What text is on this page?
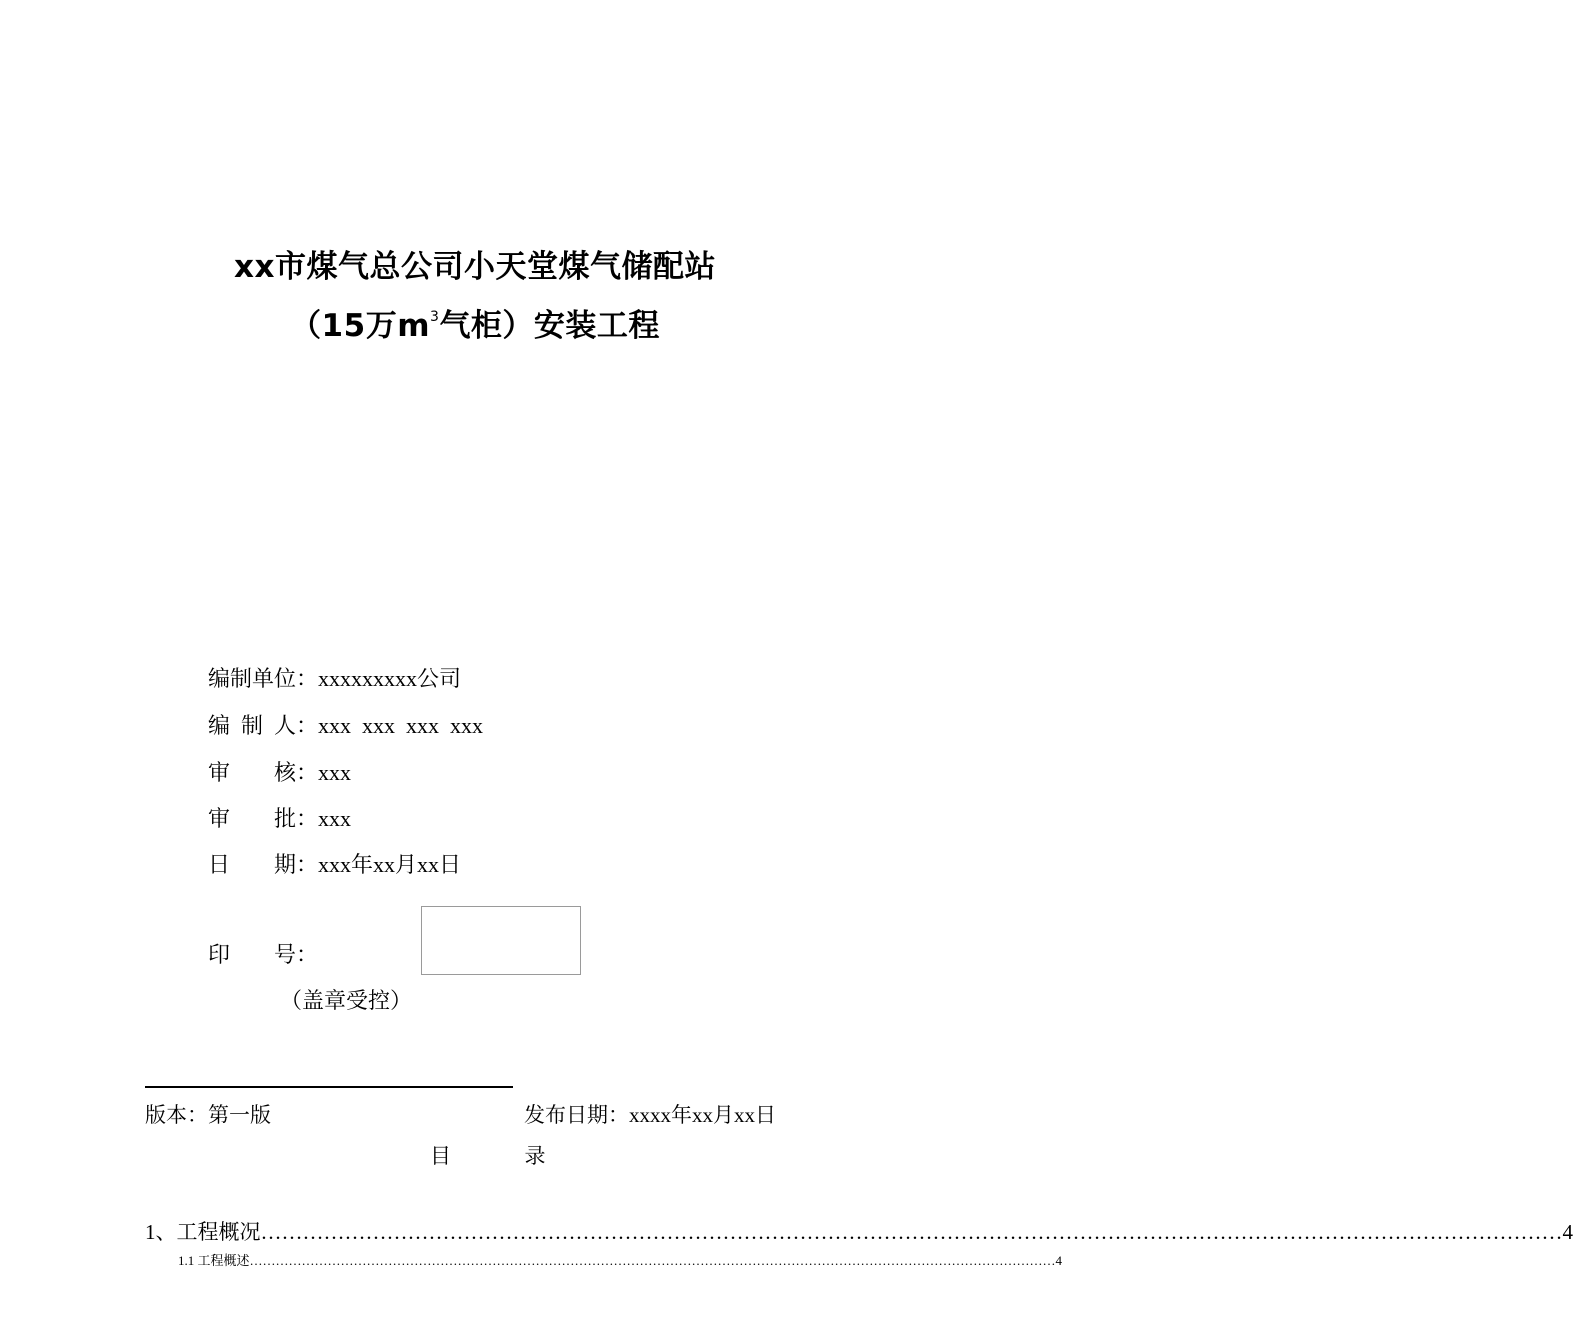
xx市煤气总公司小天堂煤气储配站
（15万$m^3$气柜）安装工程
编制单位：xxxxxxxxx公司
编  制  人：xxx  xxx  xxx  xxx
审        核：xxx
审        批：xxx
日        期：xxx年xx月xx日
印        号：
（盖章受控）
版本：第一版	发布日期：xxxx年xx月xx日
目              录
1、工程概况 …………………………………………………………………………………………………………………………………………………………………… 4
1.1 工程概述 …………………………………………………………………………………………………………………………………………………………………… 4
